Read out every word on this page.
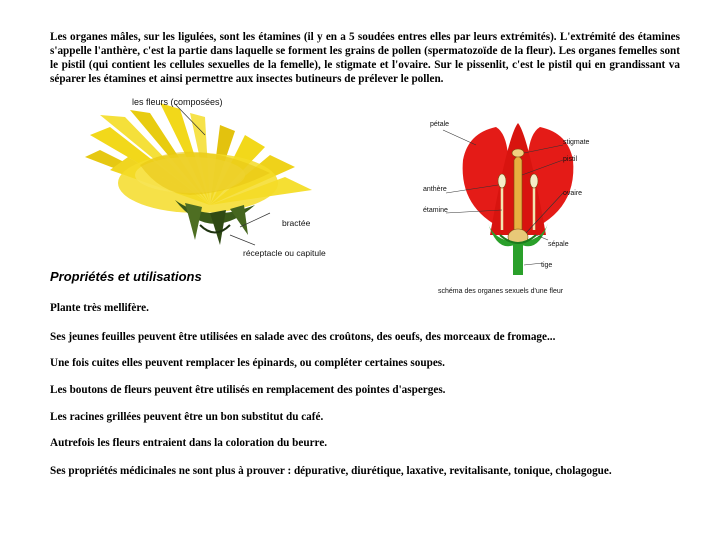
Les organes mâles, sur les ligulées, sont les étamines (il y en a 5 soudées entres elles par leurs extrémités). L'extrémité des étamines s'appelle l'anthère, c'est la partie dans laquelle se forment les grains de pollen (spermatozoïde de la fleur). Les organes femelles sont le pistil (qui contient les cellules sexuelles de la femelle), le stigmate et l'ovaire. Sur le pissenlit, c'est le pistil qui en grandissant va séparer les étamines et ainsi permettre aux insectes butineurs de prélever le pollen.

les fleurs (composées)
bractée
réceptacle ou capitule
pétale
stigmate
pistil
anthère
ovaire
étamine
sépale
tige
schéma des organes sexuels d'une fleur
Propriétés et utilisations

Plante très mellifère.

Ses jeunes feuilles peuvent être utilisées en salade avec des croûtons, des oeufs, des morceaux de fromage...

Une fois cuites elles peuvent remplacer les épinards, ou compléter certaines soupes.

Les boutons de fleurs peuvent être utilisés en remplacement des pointes d'asperges.

Les racines grillées peuvent être un bon substitut du café.

Autrefois les fleurs entraient dans la coloration du beurre.

Ses propriétés médicinales ne sont plus à prouver : dépurative, diurétique, laxative, revitalisante, tonique, cholagogue.
